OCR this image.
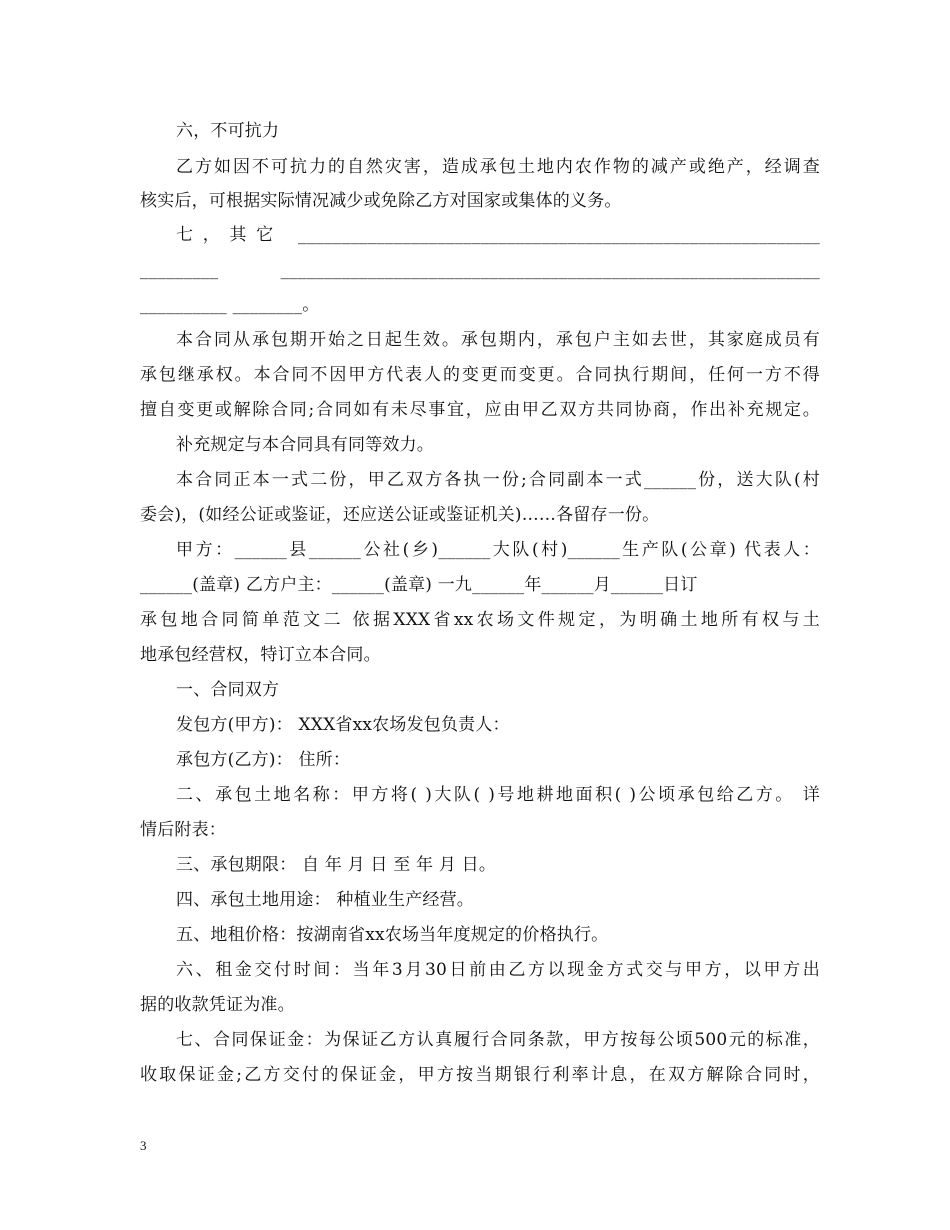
六，不可抗力
乙方如因不可抗力的自然灾害，造成承包土地内农作物的减产或绝产，经调查
核实后，可根据实际情况减少或免除乙方对国家或集体的义务。
七，其它 ____________________________________________________________
_________ ______________________________________________________________
__________ ________。
本合同从承包期开始之日起生效。承包期内，承包户主如去世，其家庭成员有
承包继承权。本合同不因甲方代表人的变更而变更。合同执行期间，任何一方不得
擅自变更或解除合同;合同如有未尽事宜，应由甲乙双方共同协商，作出补充规定。
补充规定与本合同具有同等效力。
本合同正本一式二份，甲乙双方各执一份;合同副本一式______份，送大队(村
委会)，(如经公证或鉴证，还应送公证或鉴证机关)……各留存一份。
甲方：______县______公社(乡)______大队(村)______生产队(公章) 代表人：
______(盖章) 乙方户主：______(盖章) 一九______年______月______日订
承包地合同简单范文二 依据XXX省xx农场文件规定，为明确土地所有权与土
地承包经营权，特订立本合同。
一、合同双方
发包方(甲方)： XXX省xx农场发包负责人：
承包方(乙方)： 住所：
二、承包土地名称：甲方将( )大队( )号地耕地面积( )公顷承包给乙方。 详
情后附表：
三、承包期限： 自 年 月 日 至 年 月 日。
四、承包土地用途： 种植业生产经营。
五、地租价格：按湖南省xx农场当年度规定的价格执行。
六、租金交付时间：当年3月30日前由乙方以现金方式交与甲方，以甲方出
据的收款凭证为准。
七、合同保证金：为保证乙方认真履行合同条款，甲方按每公顷500元的标准，
收取保证金;乙方交付的保证金，甲方按当期银行利率计息，在双方解除合同时，
3
